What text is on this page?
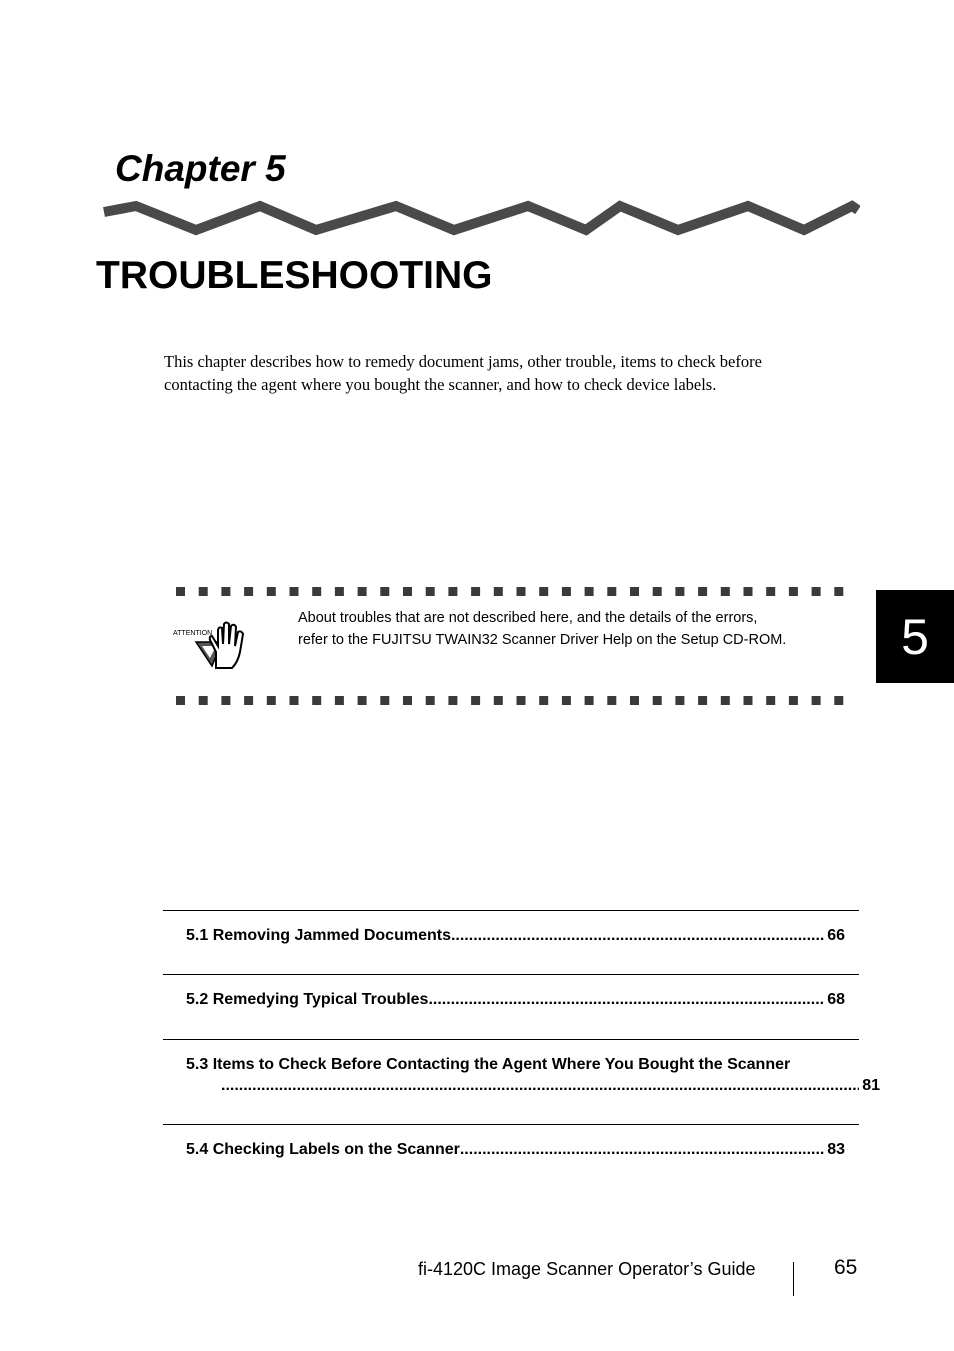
Chapter 5
TROUBLESHOOTING
This chapter describes how to remedy document jams, other trouble, items to check before
contacting the agent where you bought the scanner, and how to check device labels.
ATTENTION
About troubles that are not described here, and the details of the errors,
refer to the FUJITSU TWAIN32 Scanner Driver Help on the Setup CD-ROM.	5
5.1 Removing Jammed Documents .....	66
5.2 Remedying Typical Troubles .....	68
5.3 Items to Check Before Contacting the Agent Where You Bought the Scanner
.....
81
5.4 Checking Labels on the Scanner .....	83
fi-4120C Image Scanner Operator’s Guide	65
